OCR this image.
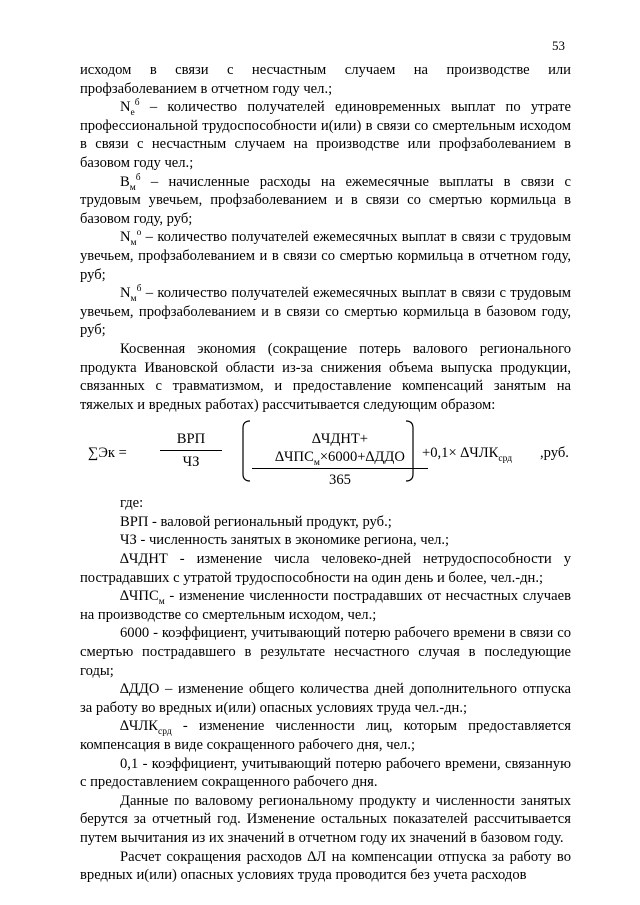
53

исходом в связи с несчастным случаем на производстве или профзаболеванием в отчетном году чел.;

$N_е^б$ – количество получателей единовременных выплат по утрате профессиональной трудоспособности и(или) в связи со смертельным исходом в связи с несчастным случаем на производстве или профзаболеванием в базовом году чел.;

$В_м^б$ – начисленные расходы на ежемесячные выплаты в связи с трудовым увечьем, профзаболеванием и в связи со смертью кормильца в базовом году, руб;

$N_м^о$ – количество получателей ежемесячных выплат в связи с трудовым увечьем, профзаболеванием и в связи со смертью кормильца в отчетном году, руб;

$N_м^б$ – количество получателей ежемесячных выплат в связи с трудовым увечьем, профзаболеванием и в связи со смертью кормильца в базовом году, руб;

Косвенная экономия (сокращение потерь валового регионального продукта Ивановской области из-за снижения объема выпуска продукции, связанных с травматизмом, и предоставление компенсаций занятым на тяжелых и вредных работах) рассчитывается следующим образом:

∑Эк =
ВРП
ЧЗ
∆ЧДНТ+ $\Delta ЧПС_м\times 6000+\Delta ДДО$
365
$+0,1\times \Delta ЧЛК_{срд}$ ,руб.

где:

ВРП - валовой региональный продукт, руб.;

ЧЗ - численность занятых в экономике региона, чел.;

∆ЧДНТ - изменение числа человеко-дней нетрудоспособности у пострадавших с утратой трудоспособности на один день и более, чел.-дн.;

$\Delta ЧПС_м$ - изменение численности пострадавших от несчастных случаев на производстве со смертельным исходом, чел.;

6000 - коэффициент, учитывающий потерю рабочего времени в связи со смертью пострадавшего в результате несчастного случая в последующие годы;

∆ДДО – изменение общего количества дней дополнительного отпуска за работу во вредных и(или) опасных условиях труда чел.-дн.;

$\Delta ЧЛК_{срд}$ - изменение численности лиц, которым предоставляется компенсация в виде сокращенного рабочего дня, чел.;

0,1 - коэффициент, учитывающий потерю рабочего времени, связанную с предоставлением сокращенного рабочего дня.

Данные по валовому региональному продукту и численности занятых берутся за отчетный год. Изменение остальных показателей рассчитывается путем вычитания из их значений в отчетном году их значений в базовом году.

Расчет сокращения расходов ∆Л на компенсации отпуска за работу во вредных и(или) опасных условиях труда проводится без учета расходов
